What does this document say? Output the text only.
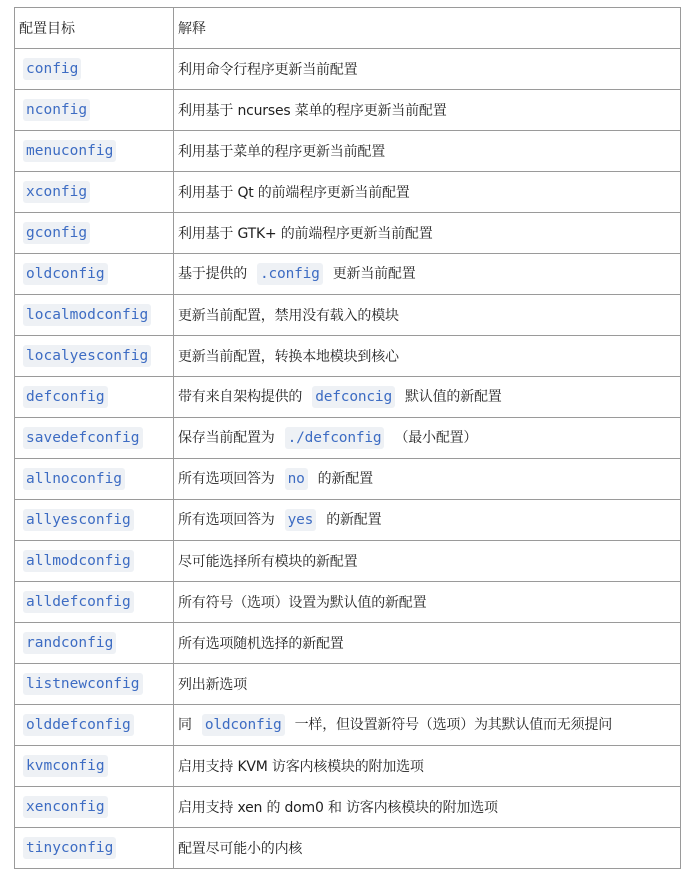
配置目标	解释
config	利用命令行程序更新当前配置
nconfig	利用基于 ncurses 菜单的程序更新当前配置
menuconfig	利用基于菜单的程序更新当前配置
xconfig	利用基于 Qt 的前端程序更新当前配置
gconfig	利用基于 GTK+ 的前端程序更新当前配置
oldconfig	基于提供的 .config 更新当前配置
localmodconfig	更新当前配置，禁用没有载入的模块
localyesconfig	更新当前配置，转换本地模块到核心
defconfig	带有来自架构提供的 defconcig 默认值的新配置
savedefconfig	保存当前配置为 ./defconfig （最小配置）
allnoconfig	所有选项回答为 no 的新配置
allyesconfig	所有选项回答为 yes 的新配置
allmodconfig	尽可能选择所有模块的新配置
alldefconfig	所有符号（选项）设置为默认值的新配置
randconfig	所有选项随机选择的新配置
listnewconfig	列出新选项
olddefconfig	同 oldconfig 一样，但设置新符号（选项）为其默认值而无须提问
kvmconfig	启用支持 KVM 访客内核模块的附加选项
xenconfig	启用支持 xen 的 dom0 和 访客内核模块的附加选项
tinyconfig	配置尽可能小的内核
